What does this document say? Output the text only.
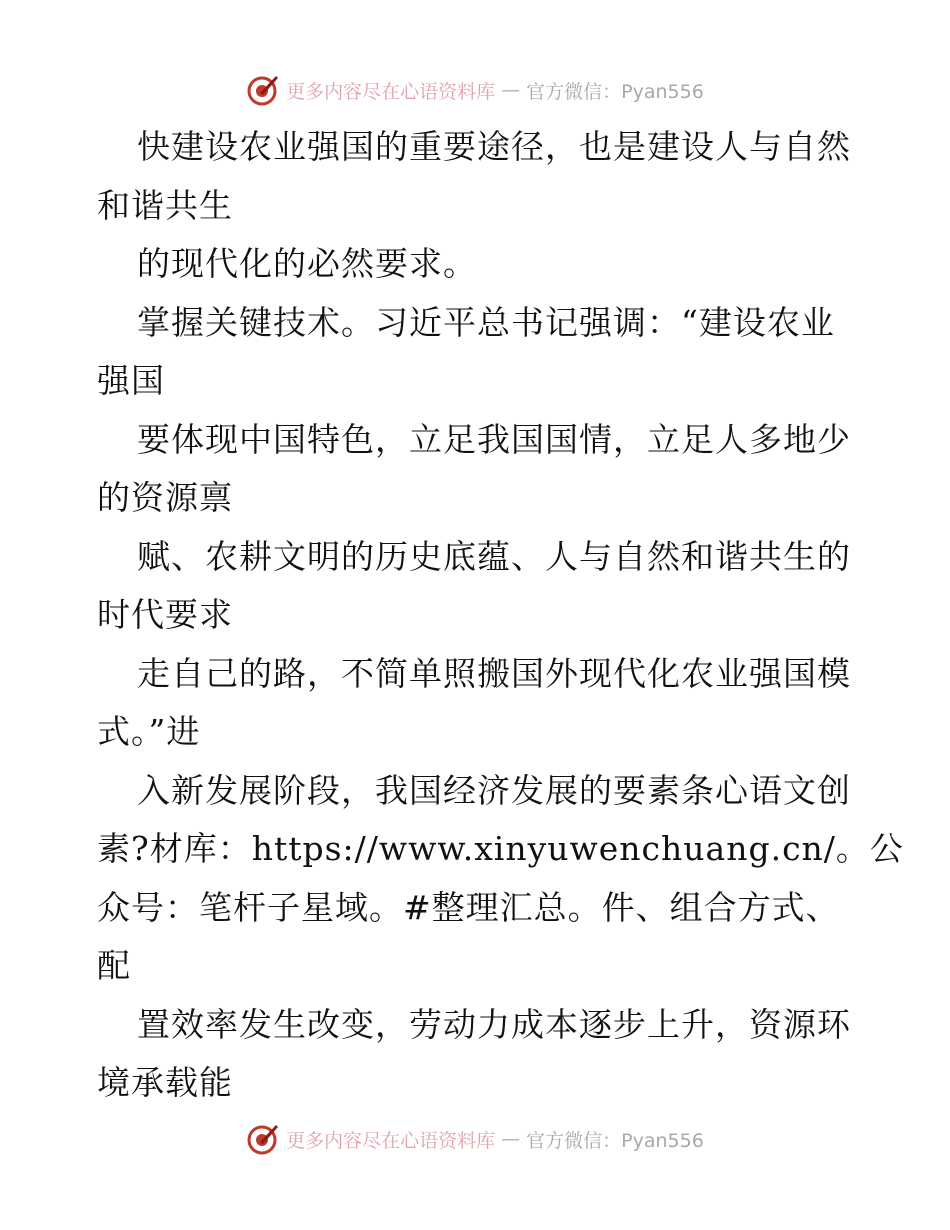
更多内容尽在心语资料库 — 官方微信：Pyan556
快建设农业强国的重要途径，也是建设人与自然
和谐共生
的现代化的必然要求。
掌握关键技术。习近平总书记强调：“建设农业
强国
要体现中国特色，立足我国国情，立足人多地少
的资源禀
赋、农耕文明的历史底蕴、人与自然和谐共生的
时代要求
走自己的路，不简单照搬国外现代化农业强国模
式。”进
入新发展阶段，我国经济发展的要素条心语文创
素?材库：https://www.xinyuwenchuang.cn/。公
众号：笔杆子星域。#整理汇总。件、组合方式、
配
置效率发生改变，劳动力成本逐步上升，资源环
境承载能
更多内容尽在心语资料库 — 官方微信：Pyan556
